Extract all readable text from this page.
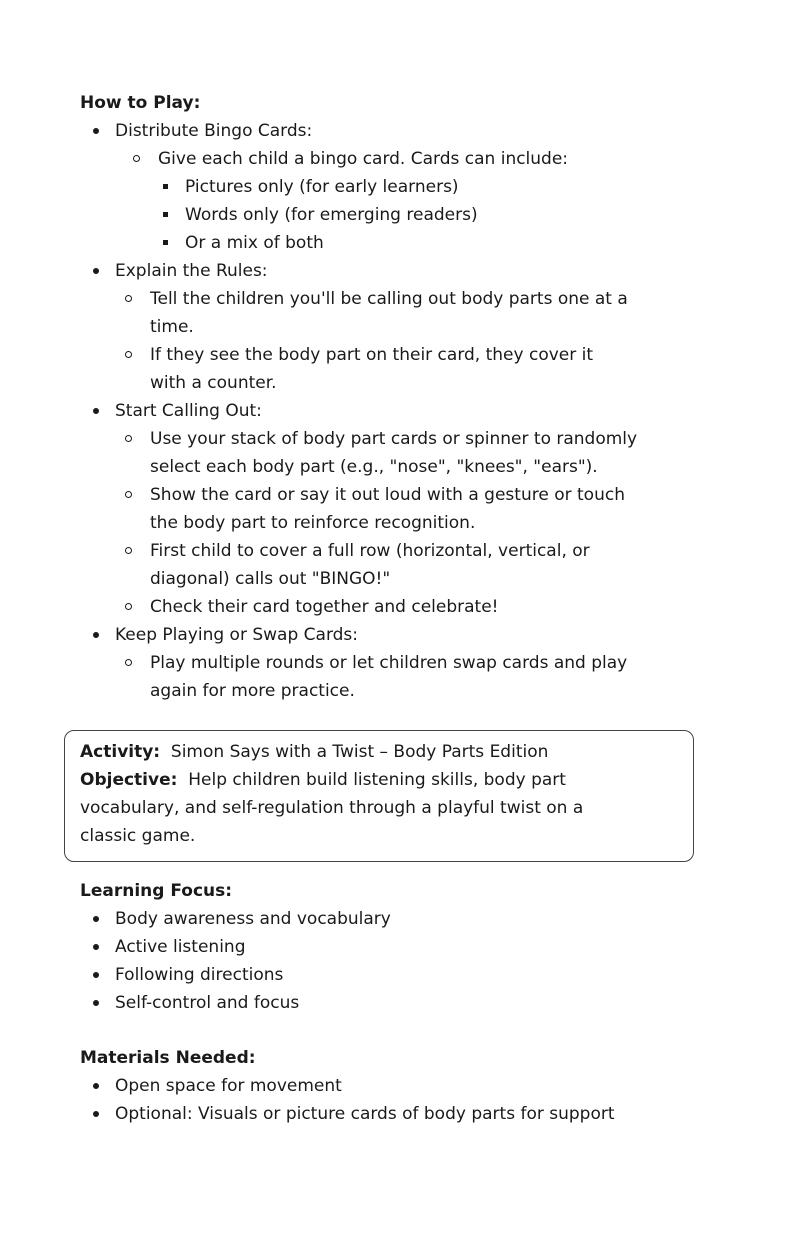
How to Play:
Distribute Bingo Cards:
Give each child a bingo card. Cards can include:
Pictures only (for early learners)
Words only (for emerging readers)
Or a mix of both
Explain the Rules:
Tell the children you'll be calling out body parts one at a
time.
If they see the body part on their card, they cover it
with a counter.
Start Calling Out:
Use your stack of body part cards or spinner to randomly
select each body part (e.g., "nose", "knees", "ears").
Show the card or say it out loud with a gesture or touch
the body part to reinforce recognition.
First child to cover a full row (horizontal, vertical, or
diagonal) calls out "BINGO!"
Check their card together and celebrate!
Keep Playing or Swap Cards:
Play multiple rounds or let children swap cards and play
again for more practice.
Activity: Simon Says with a Twist – Body Parts Edition
Objective: Help children build listening skills, body part
vocabulary, and self-regulation through a playful twist on a
classic game.
Learning Focus:
Body awareness and vocabulary
Active listening
Following directions
Self-control and focus
Materials Needed:
Open space for movement
Optional: Visuals or picture cards of body parts for support
